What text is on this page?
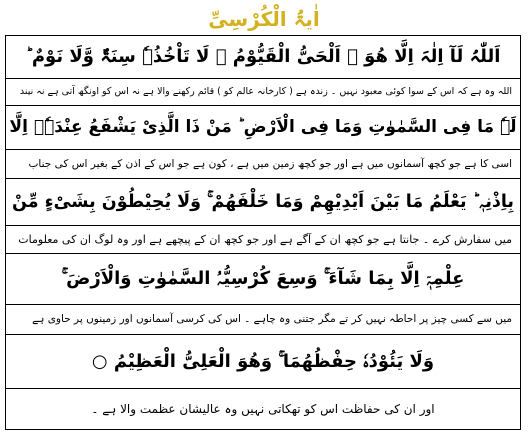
اٰیۃُ الْکُرْسِیِّ
اَللّٰہُ لَآ اِلٰہَ اِلَّا ھُوَ ۚ اَلْحَیُّ الْقَیُّوْمُ ۚ لَا تَاْخُذُہٗ سِنَۃٌ وَّلَا نَوْمٌ ؕ
اللہ وہ ہے کہ اس کے سوا کوئی معبود نہیں ۔ زندہ ہے ( کارخانہ عالم کو ) قائم رکھنے والا ہے نہ اس کو اونگھ آتی ہے نہ نیند
لَہٗ مَا فِی السَّمٰوٰتِ وَمَا فِی الْاَرْضِ ؕ مَنْ ذَا الَّذِیْ یَشْفَعُ عِنْدَہٗۤ اِلَّا
اسی کا ہے جو کچھ آسمانوں میں ہے اور جو کچھ زمین میں ہے ، کون ہے جو اس کے اذن کے بغیر اس کی جناب
بِاِذْنِہٖ ؕ یَعْلَمُ مَا بَیْنَ اَیْدِیْھِمْ وَمَا خَلْفَھُمْ ۚ وَلَا یُحِیْطُوْنَ بِشَیْءٍ مِّنْ
میں سفارش کرے ۔ جانتا ہے جو کچھ ان کے آگے ہے اور جو کچھ ان کے پیچھے ہے اور وہ لوگ ان کی معلومات
عِلْمِہٖۤ اِلَّا بِمَا شَآءَ ۚ وَسِعَ کُرْسِیُّہُ السَّمٰوٰتِ وَالْاَرْضَ ۚ
میں سے کسی چیز پر احاطہ نہیں کر تے مگر جتنی وہ چاہے ۔ اس کی کرسی آسمانوں اور زمینوں پر حاوی ہے
وَلَا یَئُوْدُہٗ حِفْظُھُمَا ۚ وَھُوَ الْعَلِیُّ الْعَظِیْمُ ○
اور ان کی حفاظت اس کو تھکاتی نہیں وہ عالیشان عظمت والا ہے ۔
